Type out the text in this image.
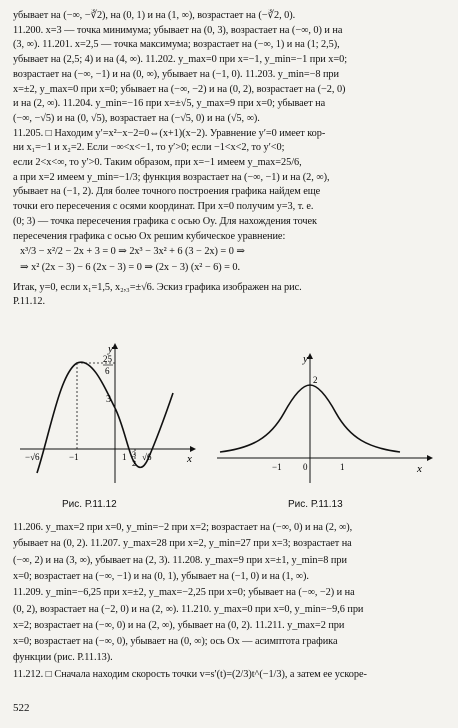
убывает на (−∞, −∛2), на (0, 1) и на (1, ∞), возрастает на (−∛2, 0).
11.200. x=3 — точка минимума; убывает на (0, 3), возрастает на (−∞, 0) и на
(3, ∞). 11.201. x=2,5 — точка максимума; возрастает на (−∞, 1) и на (1; 2,5),
убывает на (2,5; 4) и на (4, ∞). 11.202. y_max=0 при x=−1, y_min=−1 при x=0;
возрастает на (−∞, −1) и на (0, ∞), убывает на (−1, 0). 11.203. y_min=−8 при
x=±2, y_max=0 при x=0; убывает на (−∞, −2) и на (0, 2), возрастает на (−2, 0)
и на (2, ∞). 11.204. y_min=−16 при x=±√5, y_max=9 при x=0; убывает на
(−∞, −√5) и на (0, √5), возрастает на (−√5, 0) и на (√5, ∞).
11.205. □ Находим y′=x²−x−2=0⇔(x+1)(x−2). Уравнение y′=0 имеет кор-
ни x₁=−1 и x₂=2. Если −∞<x<−1, то y′>0; если −1<x<2, то y′<0;
если 2<x<∞, то y′>0. Таким образом, при x=−1 имеем y_max=25/6,
а при x=2 имеем y_min=−1/3; функция возрастает на (−∞, −1) и на (2, ∞),
убывает на (−1, 2). Для более точного построения графика найдем еще
точки его пересечения с осями координат. При x=0 получим y=3, т. е.
(0; 3) — точка пересечения графика с осью Oy. Для нахождения точек
пересечения графика с осью Ox решим кубическое уравнение:
x³/3 − x²/2 − 2x + 3 = 0 ⇒ 2x³ − 3x² + 6 (3 − 2x) = 0 ⇒
⇒ x² (2x − 3) − 6 (2x − 3) = 0 ⇒ (2x − 3) (x² − 6) = 0.
Итак, y=0, если x₁=1,5, x₂,₃=±√6. Эскиз графика изображен на рис.
Р.11.12.
y
x
25
6
3
−√6	−1	1 3
2
√6
Рис. Р.11.12
y
x
2
−1	1
0
Рис. Р.11.13
11.206. y_max=2 при x=0, y_min=−2 при x=2; возрастает на (−∞, 0) и на (2, ∞),
убывает на (0, 2). 11.207. y_max=28 при x=2, y_min=27 при x=3; возрастает на
(−∞, 2) и на (3, ∞), убывает на (2, 3). 11.208. y_max=9 при x=±1, y_min=8 при
x=0; возрастает на (−∞, −1) и на (0, 1), убывает на (−1, 0) и на (1, ∞).
11.209. y_min=−6,25 при x=±2, y_max=−2,25 при x=0; убывает на (−∞, −2) и на
(0, 2), возрастает на (−2, 0) и на (2, ∞). 11.210. y_max=0 при x=0, y_min=−9,6 при
x=2; возрастает на (−∞, 0) и на (2, ∞), убывает на (0, 2). 11.211. y_max=2 при
x=0; возрастает на (−∞, 0), убывает на (0, ∞); ось Ox — асимптота графика
функции (рис. Р.11.13).
11.212. □ Сначала находим скорость точки v=s′(t)=(2/3)t^(−1/3), а затем ее ускоре-
522
